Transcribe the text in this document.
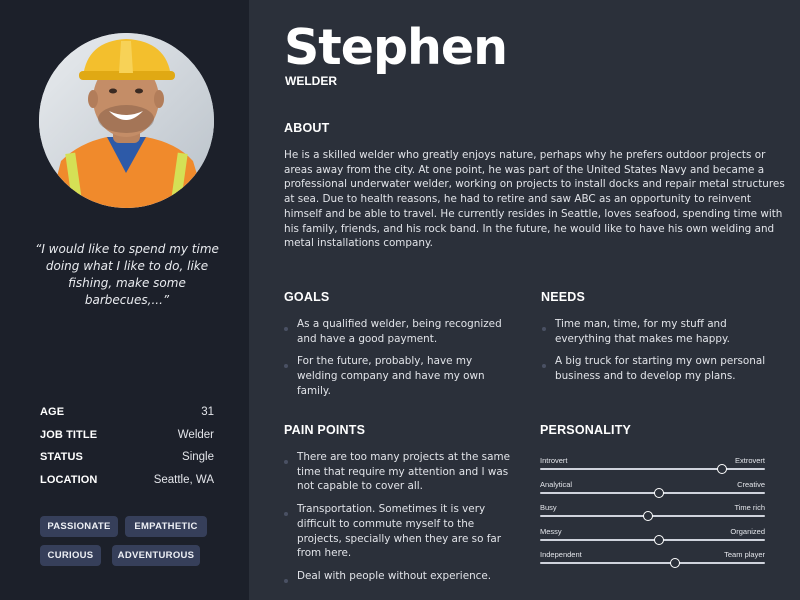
“I would like to spend my time doing what I like to do, like fishing, make some barbecues,...”
AGE	31
JOB TITLE	Welder
STATUS	Single
LOCATION	Seattle, WA
PASSIONATE	EMPATHETIC
CURIOUS	ADVENTUROUS
Stephen
WELDER
ABOUT
He is a skilled welder who greatly enjoys nature, perhaps why he prefers outdoor projects or areas away from the city. At one point, he was part of the United States Navy and became a professional underwater welder, working on projects to install docks and repair metal structures at sea. Due to health reasons, he had to retire and saw ABC as an opportunity to reinvent himself and be able to travel. He currently resides in Seattle, loves seafood, spending time with his family, friends, and his rock band. In the future, he would like to have his own welding and metal installations company.
GOALS
As a qualified welder, being recognized and have a good payment.
For the future, probably, have my welding company and have my own family.
NEEDS
Time man, time, for my stuff and everything that makes me happy.
A big truck for starting my own personal business and to develop my plans.
PAIN POINTS
There are too many projects at the same time that require my attention and I was not capable to cover all.
Transportation. Sometimes it is very difficult to commute myself to the projects, specially when they are so far from here.
Deal with people without experience.
PERSONALITY
Introvert	Extrovert
Analytical	Creative
Busy	Time rich
Messy	Organized
Independent	Team player
